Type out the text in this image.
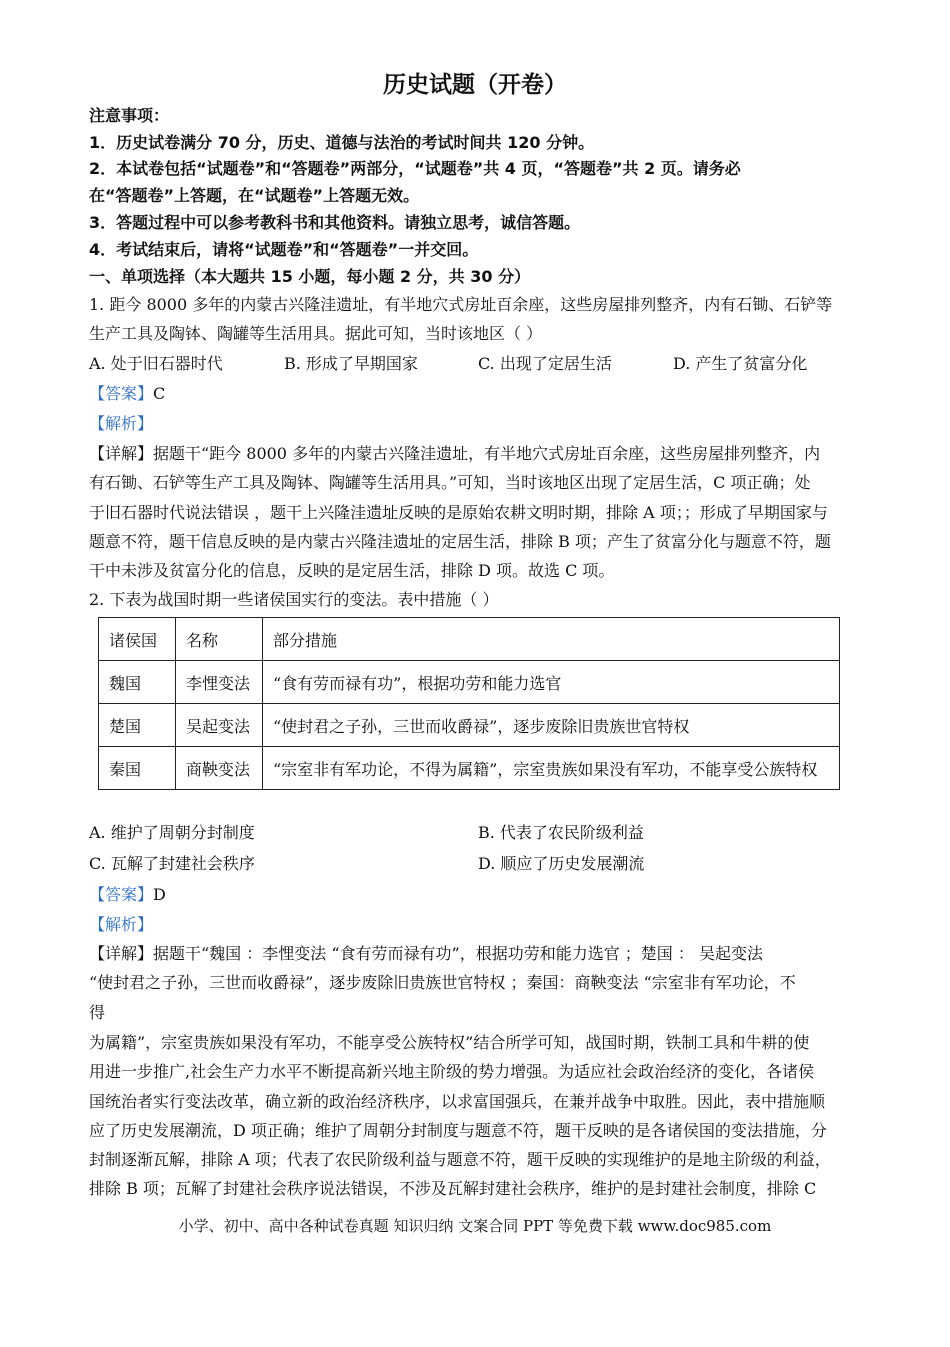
历史试题（开卷）
注意事项：
1．历史试卷满分 70 分，历史、道德与法治的考试时间共 120 分钟。
2．本试卷包括“试题卷”和“答题卷”两部分，“试题卷”共 4 页，“答题卷”共 2 页。请务必
在“答题卷”上答题，在“试题卷”上答题无效。
3．答题过程中可以参考教科书和其他资料。请独立思考，诚信答题。
4．考试结束后，请将“试题卷”和“答题卷”一并交回。
一、单项选择（本大题共 15 小题，每小题 2 分，共 30 分）
1. 距今 8000 多年的内蒙古兴隆洼遗址，有半地穴式房址百余座，这些房屋排列整齐，内有石锄、石铲等
生产工具及陶钵、陶罐等生活用具。据此可知，当时该地区（ ）
A. 处于旧石器时代	B. 形成了早期国家	C. 出现了定居生活	D. 产生了贫富分化
【答案】C
【解析】
【详解】据题干“距今 8000 多年的内蒙古兴隆洼遗址，有半地穴式房址百余座，这些房屋排列整齐，内
有石锄、石铲等生产工具及陶钵、陶罐等生活用具。”可知，当时该地区出现了定居生活，C 项正确；处
于旧石器时代说法错误 ，题干上兴隆洼遗址反映的是原始农耕文明时期，排除 A 项；；形成了早期国家与
题意不符，题干信息反映的是内蒙古兴隆洼遗址的定居生活，排除 B 项；产生了贫富分化与题意不符，题
干中未涉及贫富分化的信息，反映的是定居生活，排除 D 项。故选 C 项。
2. 下表为战国时期一些诸侯国实行的变法。表中措施（ ）
诸侯国	名称	部分措施
魏国	李悝变法	“食有劳而禄有功”，根据功劳和能力选官
楚国	吴起变法	“使封君之子孙，三世而收爵禄”，逐步废除旧贵族世官特权
秦国	商鞅变法	“宗室非有军功论，不得为属籍”，宗室贵族如果没有军功，不能享受公族特权
A. 维护了周朝分封制度	B. 代表了农民阶级利益
C. 瓦解了封建社会秩序	D. 顺应了历史发展潮流
【答案】D
【解析】
【详解】据题干“魏国 ：李悝变法 “食有劳而禄有功”，根据功劳和能力选官 ；楚国 ： 吴起变法
“使封君之子孙，三世而收爵禄”，逐步废除旧贵族世官特权 ；秦国：商鞅变法 “宗室非有军功论，不
得
为属籍”，宗室贵族如果没有军功，不能享受公族特权”结合所学可知，战国时期，铁制工具和牛耕的使
用进一步推广,社会生产力水平不断提高新兴地主阶级的势力增强。为适应社会政治经济的变化，各诸侯
国统治者实行变法改革，确立新的政治经济秩序，以求富国强兵，在兼并战争中取胜。因此，表中措施顺
应了历史发展潮流，D 项正确；维护了周朝分封制度与题意不符，题干反映的是各诸侯国的变法措施，分
封制逐渐瓦解，排除 A 项；代表了农民阶级利益与题意不符，题干反映的实现维护的是地主阶级的利益，
排除 B 项；瓦解了封建社会秩序说法错误，不涉及瓦解封建社会秩序，维护的是封建社会制度，排除 C
小学、初中、高中各种试卷真题 知识归纳 文案合同 PPT 等免费下载 www.doc985.com
